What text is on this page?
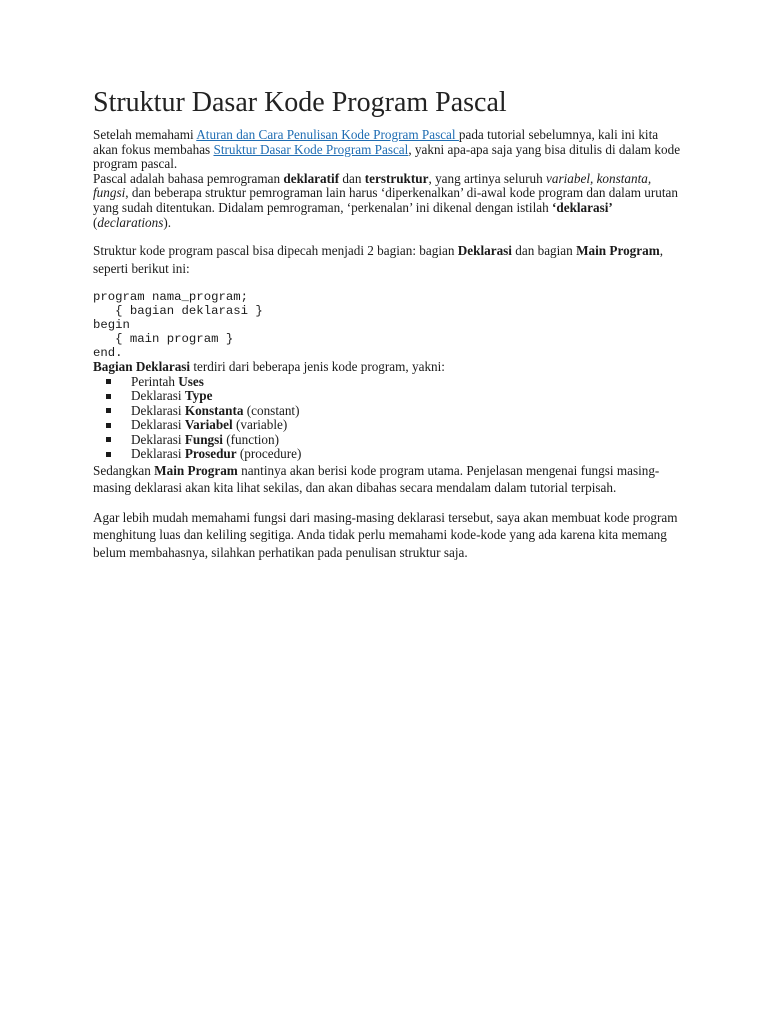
Struktur Dasar Kode Program Pascal

Setelah memahami Aturan dan Cara Penulisan Kode Program Pascal pada tutorial sebelumnya, kali ini kita akan fokus membahas Struktur Dasar Kode Program Pascal, yakni apa-apa saja yang bisa ditulis di dalam kode program pascal.

Pascal adalah bahasa pemrograman deklaratif dan terstruktur, yang artinya seluruh variabel, konstanta, fungsi, dan beberapa struktur pemrograman lain harus ‘diperkenalkan’ di-awal kode program dan dalam urutan yang sudah ditentukan. Didalam pemrograman, ‘perkenalan’ ini dikenal dengan istilah ‘deklarasi’ (declarations).

Struktur kode program pascal bisa dipecah menjadi 2 bagian: bagian Deklarasi dan bagian Main Program, seperti berikut ini:

program nama_program;
{ bagian deklarasi }
begin
{ main program }
end.

Bagian Deklarasi terdiri dari beberapa jenis kode program, yakni:

Perintah Uses
Deklarasi Type
Deklarasi Konstanta (constant)
Deklarasi Variabel (variable)
Deklarasi Fungsi (function)
Deklarasi Prosedur (procedure)

Sedangkan Main Program nantinya akan berisi kode program utama. Penjelasan mengenai fungsi masing-masing deklarasi akan kita lihat sekilas, dan akan dibahas secara mendalam dalam tutorial terpisah.

Agar lebih mudah memahami fungsi dari masing-masing deklarasi tersebut, saya akan membuat kode program menghitung luas dan keliling segitiga. Anda tidak perlu memahami kode-kode yang ada karena kita memang belum membahasnya, silahkan perhatikan pada penulisan struktur saja.
